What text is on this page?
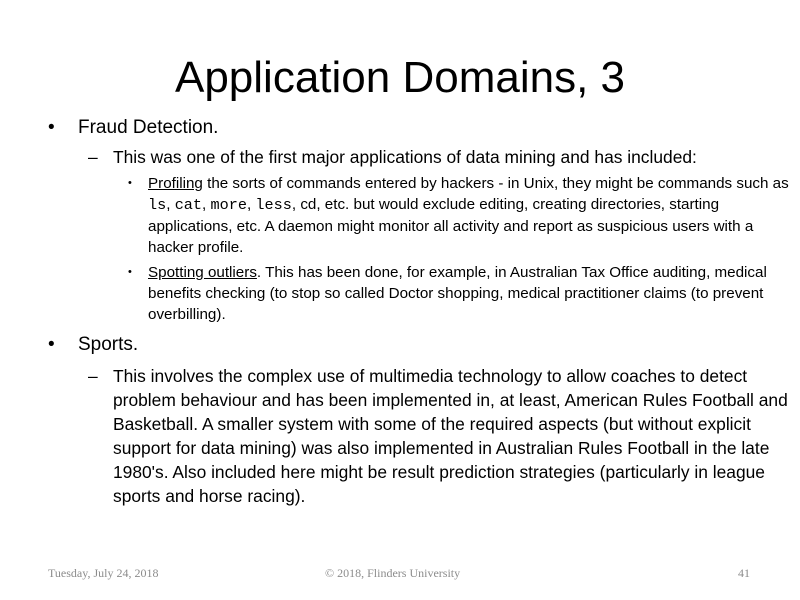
Application Domains, 3
• Fraud Detection.
– This was one of the first major applications of data mining and has included:
• Profiling the sorts of commands entered by hackers - in Unix, they might be commands such as ls, cat, more, less, cd, etc. but would exclude editing, creating directories, starting applications, etc. A daemon might monitor all activity and report as suspicious users with a hacker profile.
• Spotting outliers. This has been done, for example, in Australian Tax Office auditing, medical benefits checking (to stop so called Doctor shopping, medical practitioner claims (to prevent overbilling).
• Sports.
– This involves the complex use of multimedia technology to allow coaches to detect problem behaviour and has been implemented in, at least, American Rules Football and Basketball. A smaller system with some of the required aspects (but without explicit support for data mining) was also implemented in Australian Rules Football in the late 1980's. Also included here might be result prediction strategies (particularly in league sports and horse racing).
Tuesday, July 24, 2018	© 2018, Flinders University	41
